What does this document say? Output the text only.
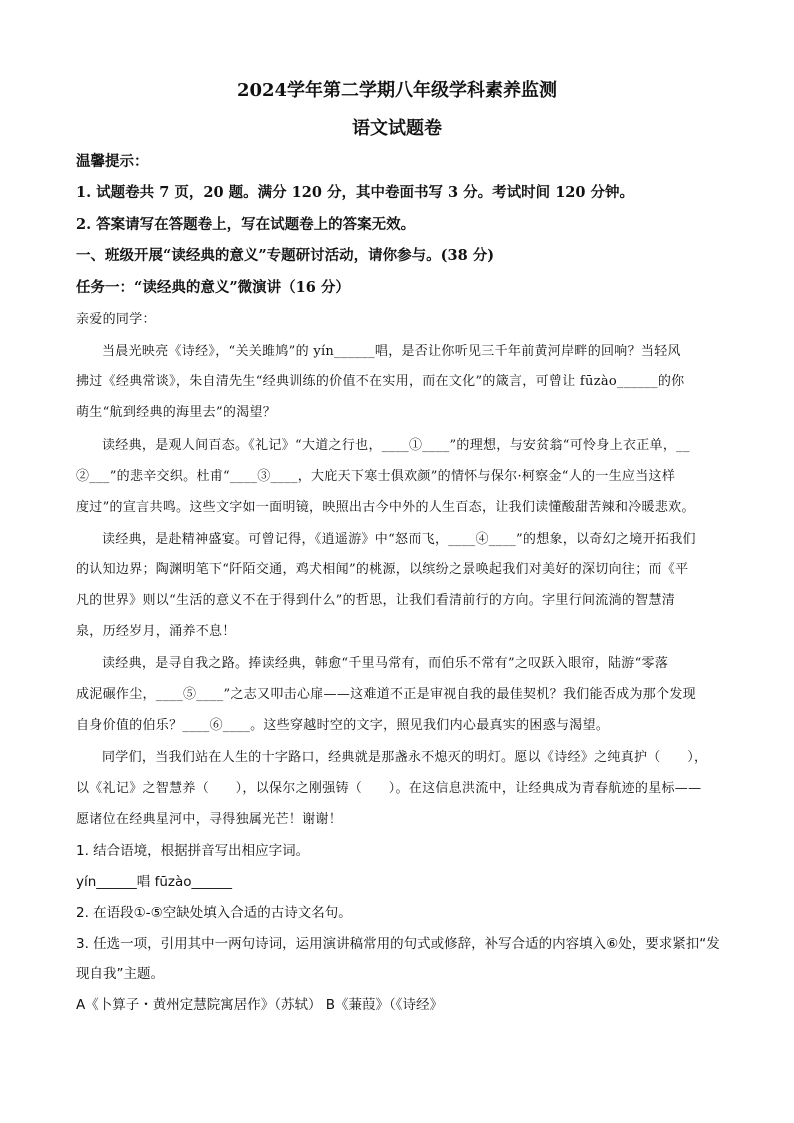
2024学年第二学期八年级学科素养监测
语文试题卷
温馨提示：
1. 试题卷共 7 页，20 题。满分 120 分，其中卷面书写 3 分。考试时间 120 分钟。
2. 答案请写在答题卷上，写在试题卷上的答案无效。
一、班级开展“读经典的意义”专题研讨活动，请你参与。(38 分)
任务一：“读经典的意义”微演讲（16 分）
亲爱的同学：
当晨光映亮《诗经》，“关关雎鸠”的 yín______唱，是否让你听见三千年前黄河岸畔的回响？当轻风
拂过《经典常谈》，朱自清先生“经典训练的价值不在实用，而在文化”的箴言，可曾让 fūzào______的你
萌生“航到经典的海里去”的渴望？
读经典，是观人间百态。《礼记》“大道之行也，____①____”的理想，与安贫翁“可怜身上衣正单，__
②___”的悲辛交织。杜甫“____③____，大庇天下寒士俱欢颜”的情怀与保尔·柯察金“人的一生应当这样
度过”的宣言共鸣。这些文字如一面明镜，映照出古今中外的人生百态，让我们读懂酸甜苦辣和冷暖悲欢。
读经典，是赴精神盛宴。可曾记得，《逍遥游》中“怒而飞，____④____”的想象，以奇幻之境开拓我们
的认知边界；陶渊明笔下“阡陌交通，鸡犬相闻”的桃源，以缤纷之景唤起我们对美好的深切向往；而《平
凡的世界》则以“生活的意义不在于得到什么”的哲思，让我们看清前行的方向。字里行间流淌的智慧清
泉，历经岁月，涌养不息！
读经典，是寻自我之路。捧读经典，韩愈“千里马常有，而伯乐不常有”之叹跃入眼帘，陆游“零落
成泥碾作尘，____⑤____”之志又叩击心扉——这难道不正是审视自我的最佳契机？我们能否成为那个发现
自身价值的伯乐？____⑥____。这些穿越时空的文字，照见我们内心最真实的困惑与渴望。
同学们，当我们站在人生的十字路口，经典就是那盏永不熄灭的明灯。愿以《诗经》之纯真护（　　），
以《礼记》之智慧养（　　），以保尔之刚强铸（　　）。在这信息洪流中，让经典成为青春航迹的星标——
愿诸位在经典星河中，寻得独属光芒！谢谢！
1. 结合语境，根据拼音写出相应字词。
yín______唱 fūzào______
2. 在语段①-⑤空缺处填入合适的古诗文名句。
3. 任选一项，引用其中一两句诗词，运用演讲稿常用的句式或修辞，补写合适的内容填入⑥处，要求紧扣“发
现自我”主题。
A《卜算子・黄州定慧院寓居作》（苏轼） B《蒹葭》（《诗经》
